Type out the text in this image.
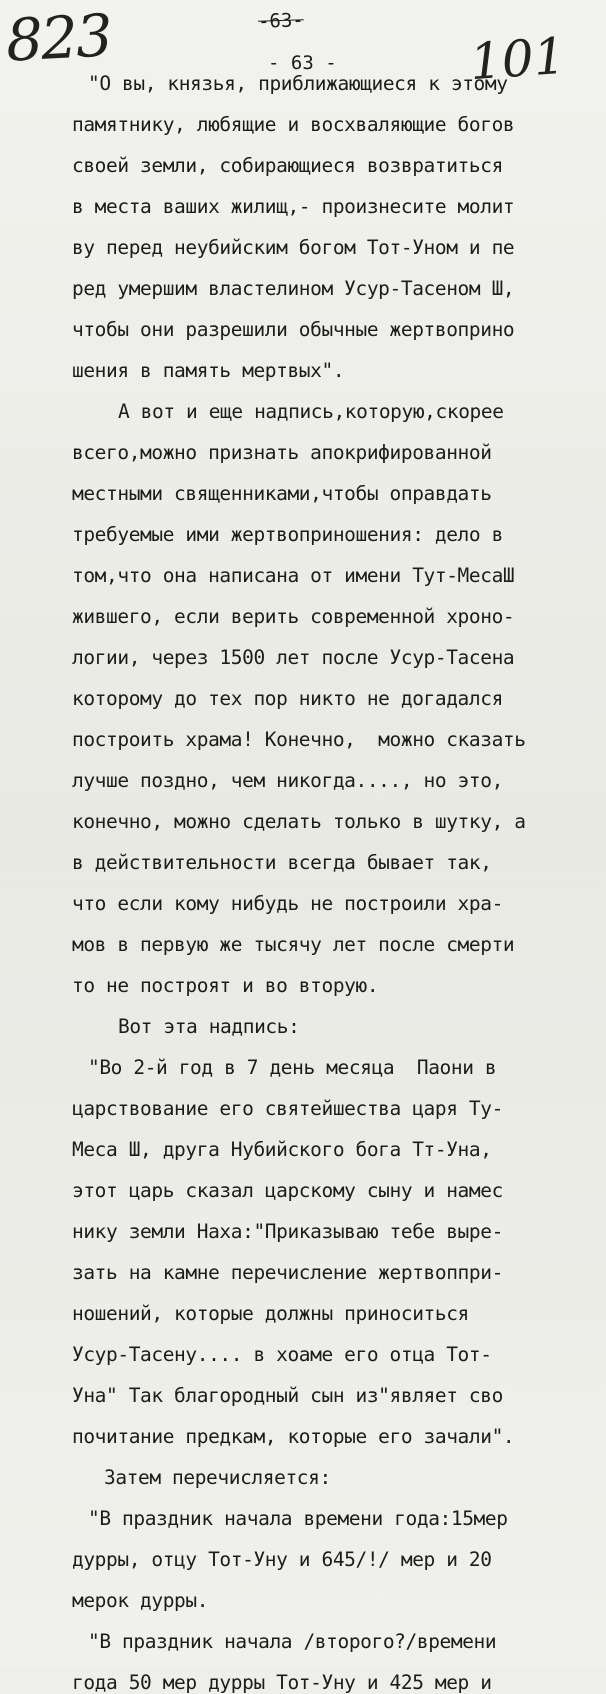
823	-63-
- 63 -	101
"О вы, князья, приближающиеся к этому
памятнику, любящие и восхваляющие богов
своей земли, собирающиеся возвратиться
в места ваших жилищ,- произнесите молит
ву перед неубийским богом Тот-Уном и пе
ред умершим властелином Усур-Тасеном Ш,
чтобы они разрешили обычные жертвоприно
шения в память мертвых".
А вот и еще надпись,которую,скорее
всего,можно признать апокрифированной
местными священниками,чтобы оправдать
требуемые ими жертвоприношения: дело в
том,что она написана от имени Тут-МесаШ
жившего, если верить современной хроно-
логии, через 1500 лет после Усур-Тасена
которому до тех пор никто не догадался
построить храма! Конечно,  можно сказать
лучше поздно, чем никогда...., но это,
конечно, можно сделать только в шутку, а
в действительности всегда бывает так,
что если кому нибудь не построили хра-
мов в первую же тысячу лет после смерти
то не построят и во вторую.
Вот эта надпись:
"Во 2-й год в 7 день месяца  Паони в
царствование его святейшества царя Ту-
Меса Ш, друга Нубийского бога Тт-Уна,
этот царь сказал царскому сыну и намес
нику земли Наха:"Приказываю тебе выре-
зать на камне перечисление жертвоппри-
ношений, которые должны приноситься
Усур-Тасену.... в хоаме его отца Тот-
Уна" Так благородный сын из"являет сво
почитание предкам, которые его зачали".
Затем перечисляется:
"В праздник начала времени года:15мер
дурры, отцу Тот-Уну и 645/!/ мер и 20
мерок дурры.
"В праздник начала /второго?/времени
года 50 мер дурры Тот-Уну и 425 мер и
